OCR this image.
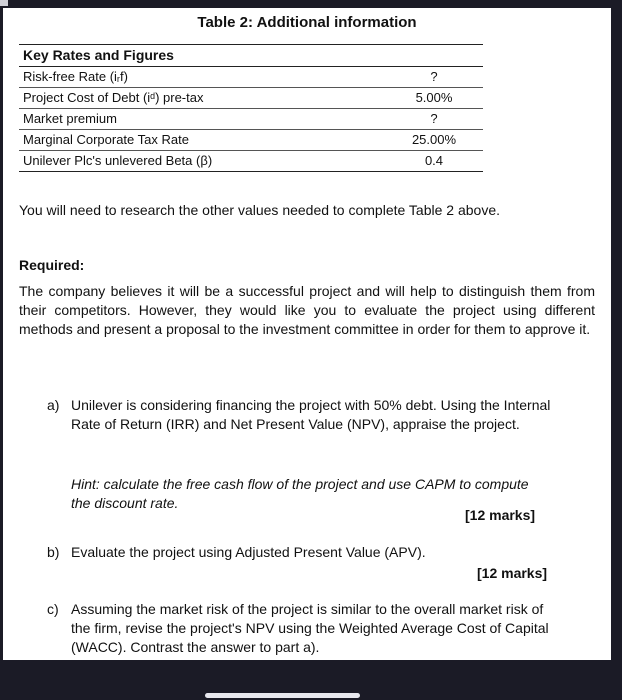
Table 2: Additional information
Key Rates and Figures
Risk-free Rate (iᵣf)	?
Project Cost of Debt (iᵈ) pre-tax	5.00%
Market premium	?
Marginal Corporate Tax Rate	25.00%
Unilever Plc's unlevered Beta (β)	0.4
You will need to research the other values needed to complete Table 2 above.
Required:
The company believes it will be a successful project and will help to distinguish them from their competitors. However, they would like you to evaluate the project using different methods and present a proposal to the investment committee in order for them to approve it.
a) Unilever is considering financing the project with 50% debt. Using the Internal Rate of Return (IRR) and Net Present Value (NPV), appraise the project.
Hint: calculate the free cash flow of the project and use CAPM to compute the discount rate.
[12 marks]
b) Evaluate the project using Adjusted Present Value (APV).
[12 marks]
c) Assuming the market risk of the project is similar to the overall market risk of the firm, revise the project's NPV using the Weighted Average Cost of Capital (WACC). Contrast the answer to part a).
